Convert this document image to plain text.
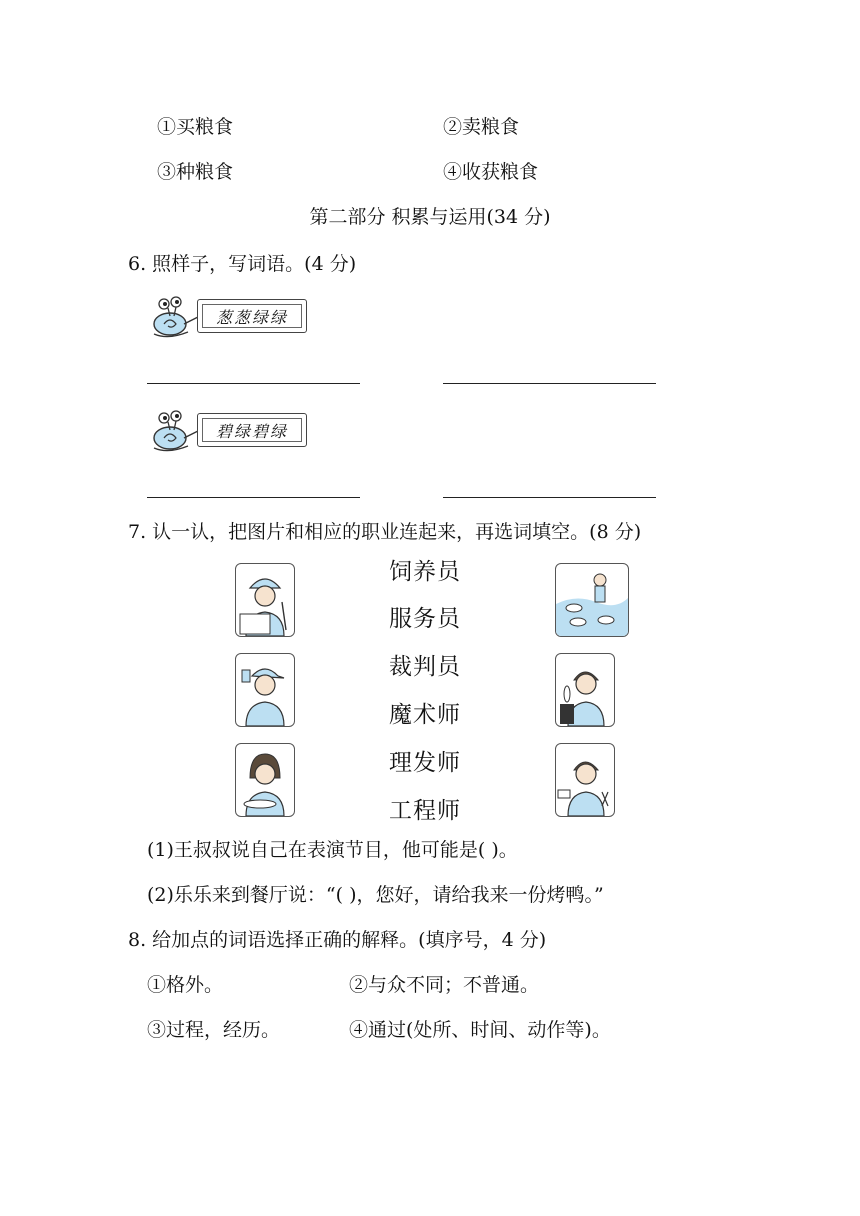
①买粮食	②卖粮食
③种粮食	④收获粮食
第二部分 积累与运用(34 分)
6. 照样子，写词语。(4 分)
葱葱绿绿
碧绿碧绿
7. 认一认，把图片和相应的职业连起来，再选词填空。(8 分)
饲养员
服务员
裁判员
魔术师
理发师
工程师
(1)王叔叔说自己在表演节目，他可能是( )。
(2)乐乐来到餐厅说：“( )，您好，请给我来一份烤鸭。”
8. 给加点的词语选择正确的解释。(填序号，4 分)
①格外。	②与众不同；不普通。
③过程，经历。	④通过(处所、时间、动作等)。
